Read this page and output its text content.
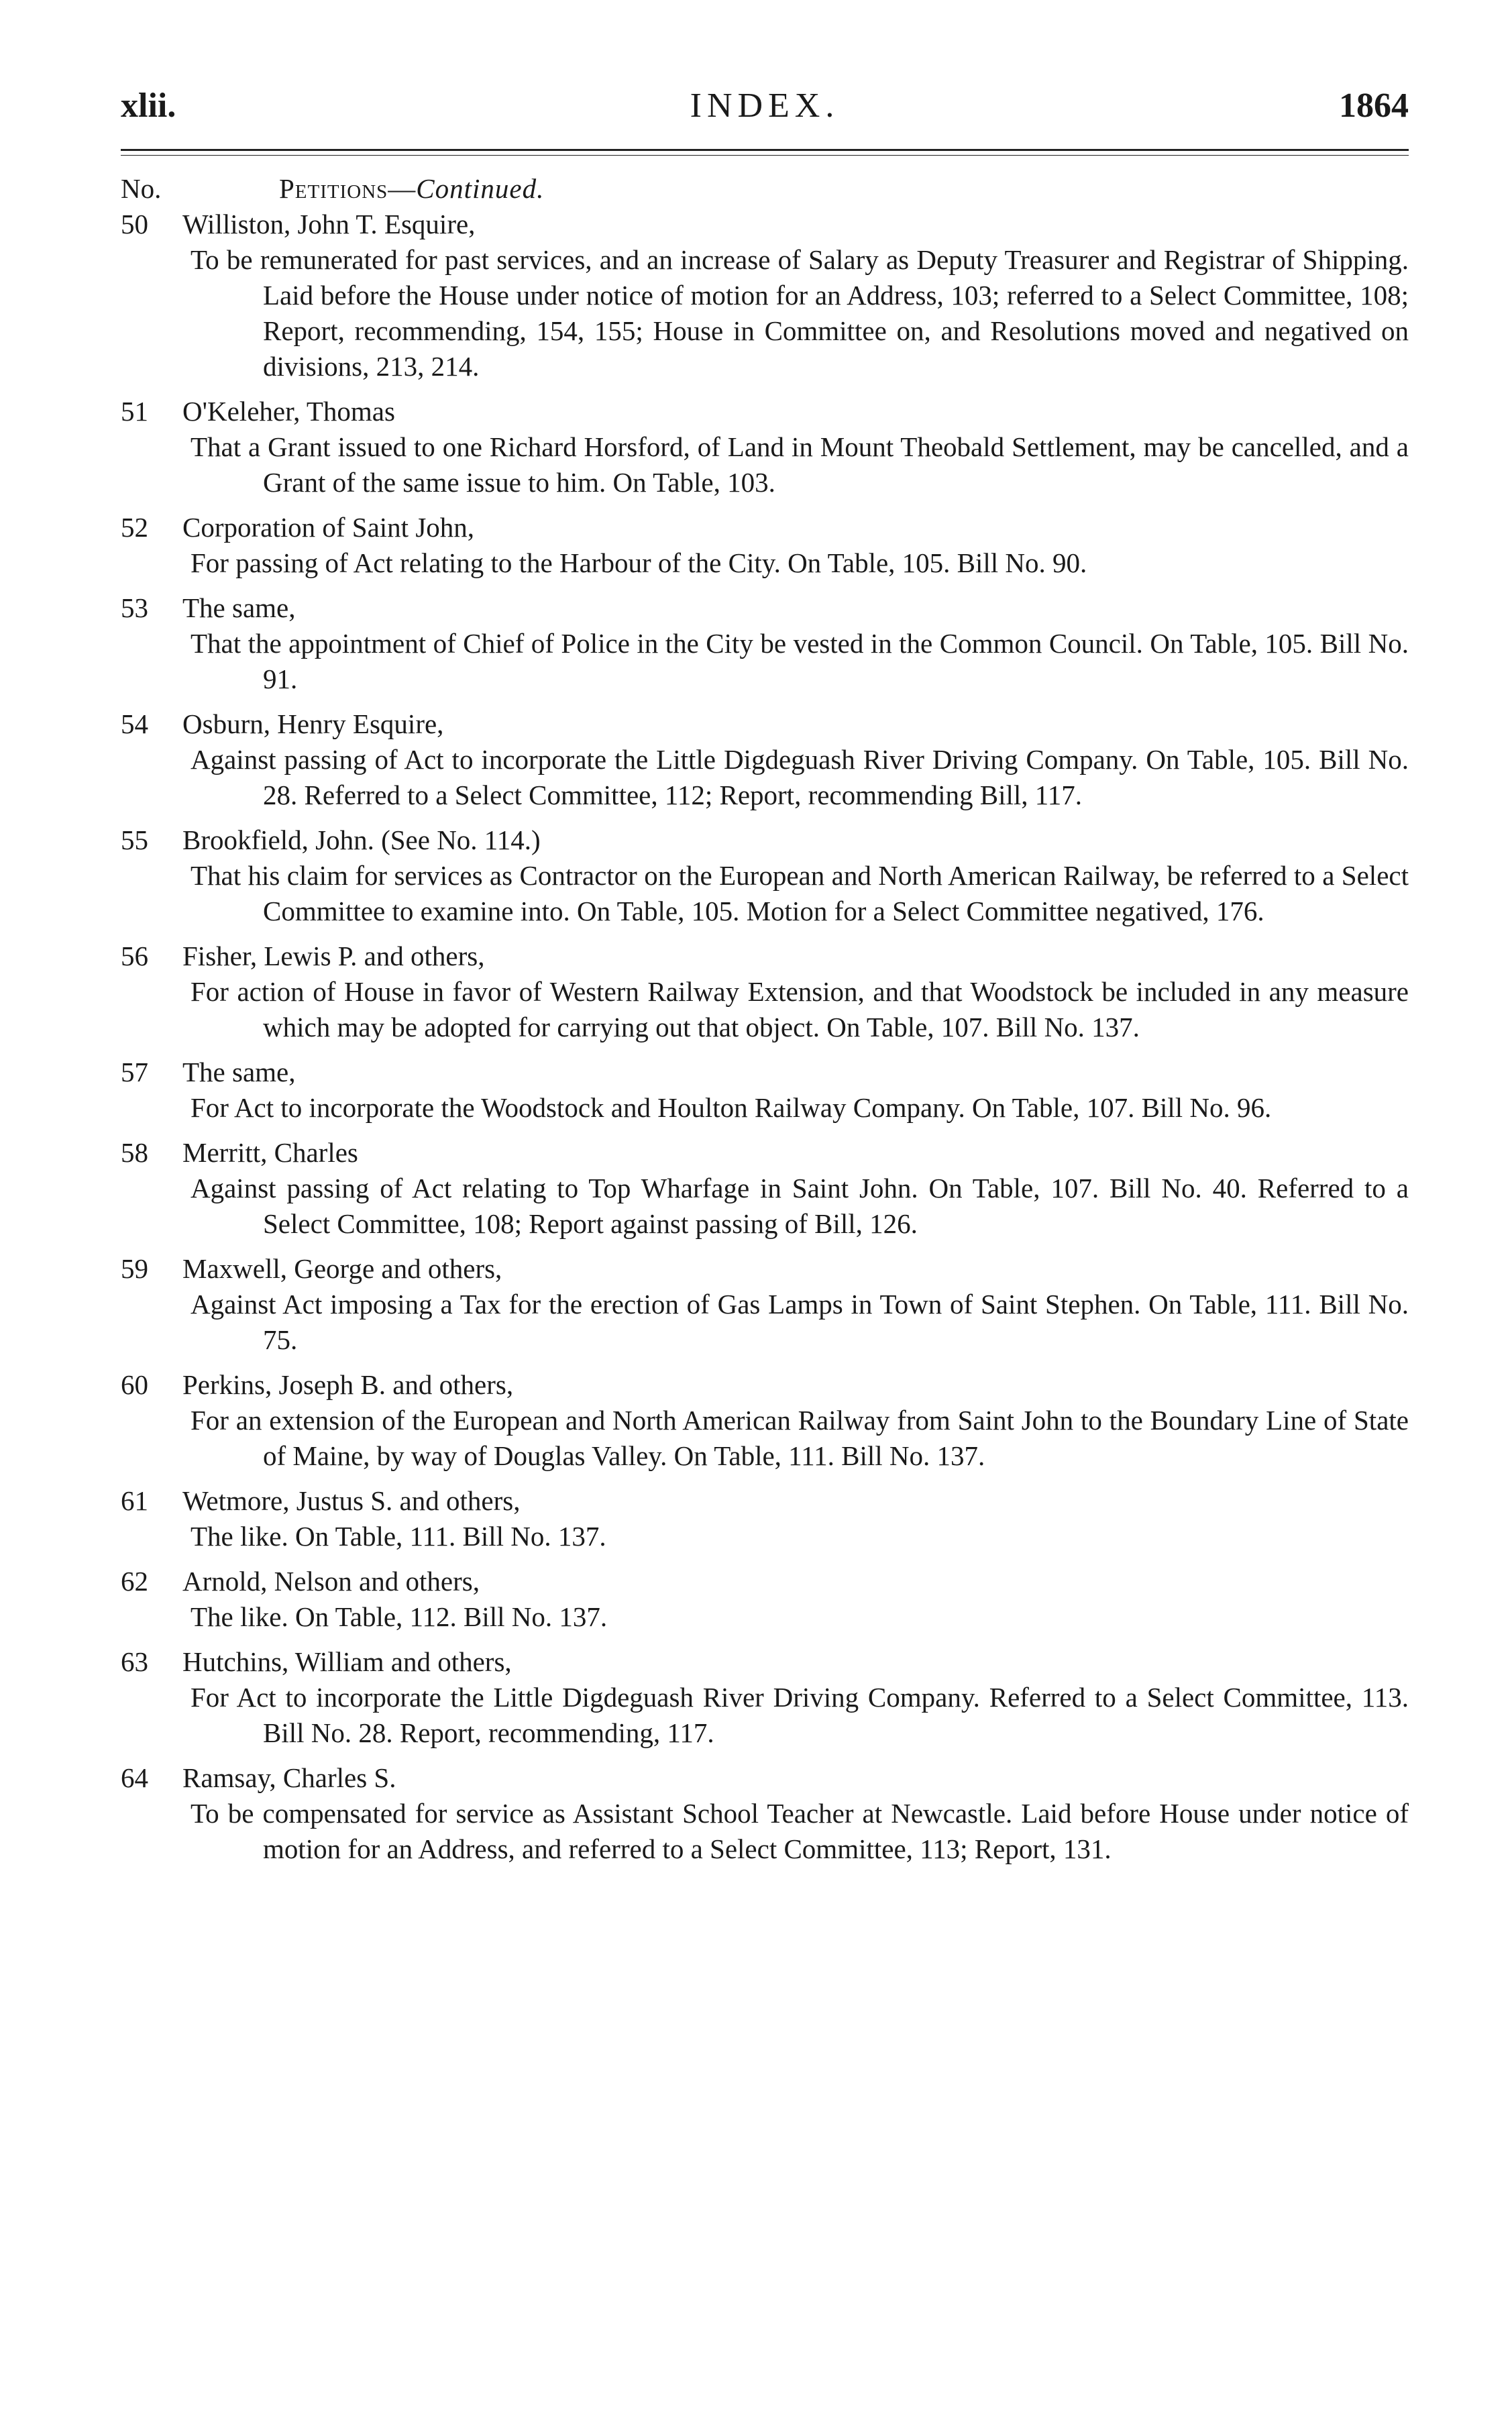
xlii.	INDEX.	1864
No.	Petitions—Continued.
50 Williston, John T. Esquire,
To be remunerated for past services, and an increase of Salary as Deputy Treasurer and Registrar of Shipping. Laid before the House under notice of motion for an Address, 103; referred to a Select Committee, 108; Report, recommending, 154, 155; House in Committee on, and Resolutions moved and negatived on divisions, 213, 214.
51 O'Keleher, Thomas
That a Grant issued to one Richard Horsford, of Land in Mount Theobald Settlement, may be cancelled, and a Grant of the same issue to him. On Table, 103.
52 Corporation of Saint John,
For passing of Act relating to the Harbour of the City. On Table, 105. Bill No. 90.
53 The same,
That the appointment of Chief of Police in the City be vested in the Common Council. On Table, 105. Bill No. 91.
54 Osburn, Henry Esquire,
Against passing of Act to incorporate the Little Digdeguash River Driving Company. On Table, 105. Bill No. 28. Referred to a Select Committee, 112; Report, recommending Bill, 117.
55 Brookfield, John. (See No. 114.)
That his claim for services as Contractor on the European and North American Railway, be referred to a Select Committee to examine into. On Table, 105. Motion for a Select Committee negatived, 176.
56 Fisher, Lewis P. and others,
For action of House in favor of Western Railway Extension, and that Woodstock be included in any measure which may be adopted for carrying out that object. On Table, 107. Bill No. 137.
57 The same,
For Act to incorporate the Woodstock and Houlton Railway Company. On Table, 107. Bill No. 96.
58 Merritt, Charles
Against passing of Act relating to Top Wharfage in Saint John. On Table, 107. Bill No. 40. Referred to a Select Committee, 108; Report against passing of Bill, 126.
59 Maxwell, George and others,
Against Act imposing a Tax for the erection of Gas Lamps in Town of Saint Stephen. On Table, 111. Bill No. 75.
60 Perkins, Joseph B. and others,
For an extension of the European and North American Railway from Saint John to the Boundary Line of State of Maine, by way of Douglas Valley. On Table, 111. Bill No. 137.
61 Wetmore, Justus S. and others,
The like. On Table, 111. Bill No. 137.
62 Arnold, Nelson and others,
The like. On Table, 112. Bill No. 137.
63 Hutchins, William and others,
For Act to incorporate the Little Digdeguash River Driving Company. Referred to a Select Committee, 113. Bill No. 28. Report, recommending, 117.
64 Ramsay, Charles S.
To be compensated for service as Assistant School Teacher at Newcastle. Laid before House under notice of motion for an Address, and referred to a Select Committee, 113; Report, 131.
